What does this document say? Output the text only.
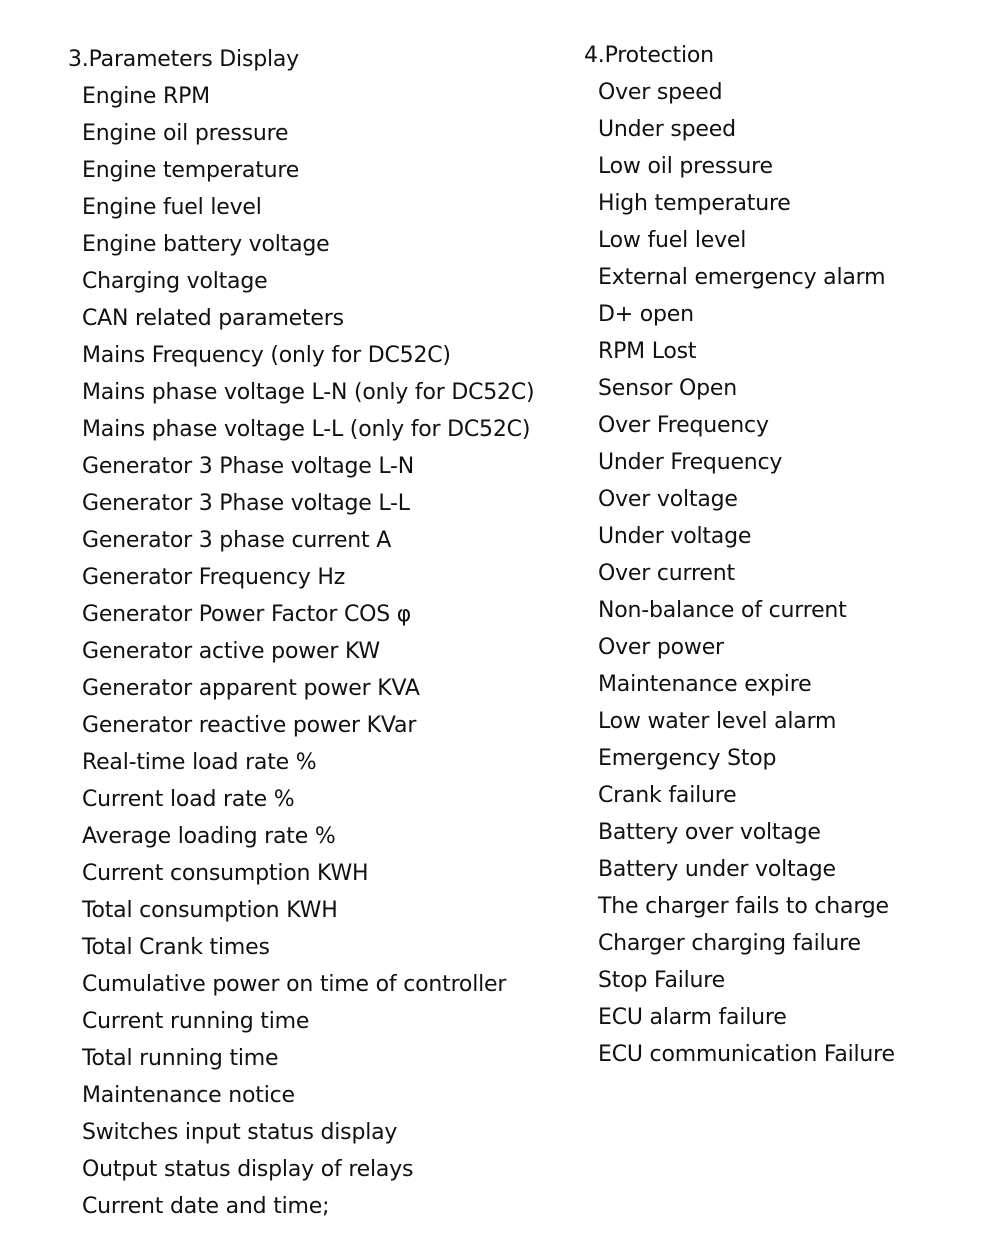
3.Parameters Display
Engine RPM
Engine oil pressure
Engine temperature
Engine fuel level
Engine battery voltage
Charging voltage
CAN related parameters
Mains Frequency (only for DC52C)
Mains phase voltage L-N (only for DC52C)
Mains phase voltage L-L (only for DC52C)
Generator 3 Phase voltage L-N
Generator 3 Phase voltage L-L
Generator 3 phase current A
Generator Frequency Hz
Generator Power Factor COS φ
Generator active power KW
Generator apparent power KVA
Generator reactive power KVar
Real-time load rate %
Current load rate %
Average loading rate %
Current consumption KWH
Total consumption KWH
Total Crank times
Cumulative power on time of controller
Current running time
Total running time
Maintenance notice
Switches input status display
Output status display of relays
Current date and time;
4.Protection
Over speed
Under speed
Low oil pressure
High temperature
Low fuel level
External emergency alarm
D+ open
RPM Lost
Sensor Open
Over Frequency
Under Frequency
Over voltage
Under voltage
Over current
Non-balance of current
Over power
Maintenance expire
Low water level alarm
Emergency Stop
Crank failure
Battery over voltage
Battery under voltage
The charger fails to charge
Charger charging failure
Stop Failure
ECU alarm failure
ECU communication Failure
